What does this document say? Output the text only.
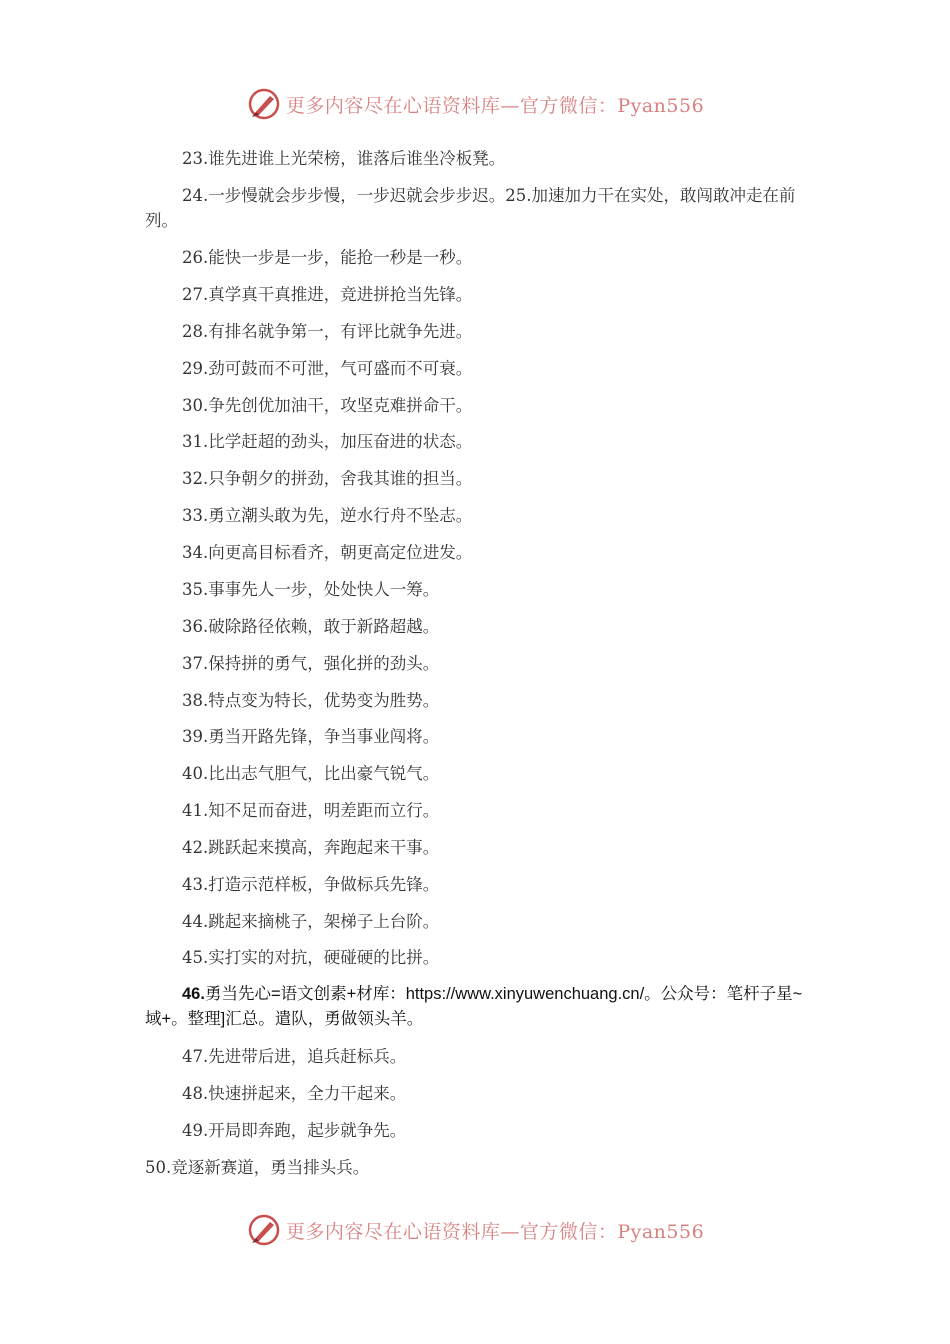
更多内容尽在心语资料库—官方微信：Pyan556
23.谁先进谁上光荣榜，谁落后谁坐冷板凳。
24.一步慢就会步步慢，一步迟就会步步迟。25.加速加力干在实处，敢闯敢冲走在前列。
26.能快一步是一步，能抢一秒是一秒。
27.真学真干真推进，竞进拼抢当先锋。
28.有排名就争第一，有评比就争先进。
29.劲可鼓而不可泄，气可盛而不可衰。
30.争先创优加油干，攻坚克难拼命干。
31.比学赶超的劲头，加压奋进的状态。
32.只争朝夕的拼劲，舍我其谁的担当。
33.勇立潮头敢为先，逆水行舟不坠志。
34.向更高目标看齐，朝更高定位进发。
35.事事先人一步，处处快人一筹。
36.破除路径依赖，敢于新路超越。
37.保持拼的勇气，强化拼的劲头。
38.特点变为特长，优势变为胜势。
39.勇当开路先锋，争当事业闯将。
40.比出志气胆气，比出豪气锐气。
41.知不足而奋进，明差距而立行。
42.跳跃起来摸高，奔跑起来干事。
43.打造示范样板，争做标兵先锋。
44.跳起来摘桃子，架梯子上台阶。
45.实打实的对抗，硬碰硬的比拼。
46.勇当先心=语文创素+材库：https://www.xinyuwenchuang.cn/。公众号：笔杆子星~域+。整理]汇总。遣队，勇做领头羊。
47.先进带后进，追兵赶标兵。
48.快速拼起来，全力干起来。
49.开局即奔跑，起步就争先。
50.竞逐新赛道，勇当排头兵。
更多内容尽在心语资料库—官方微信：Pyan556
